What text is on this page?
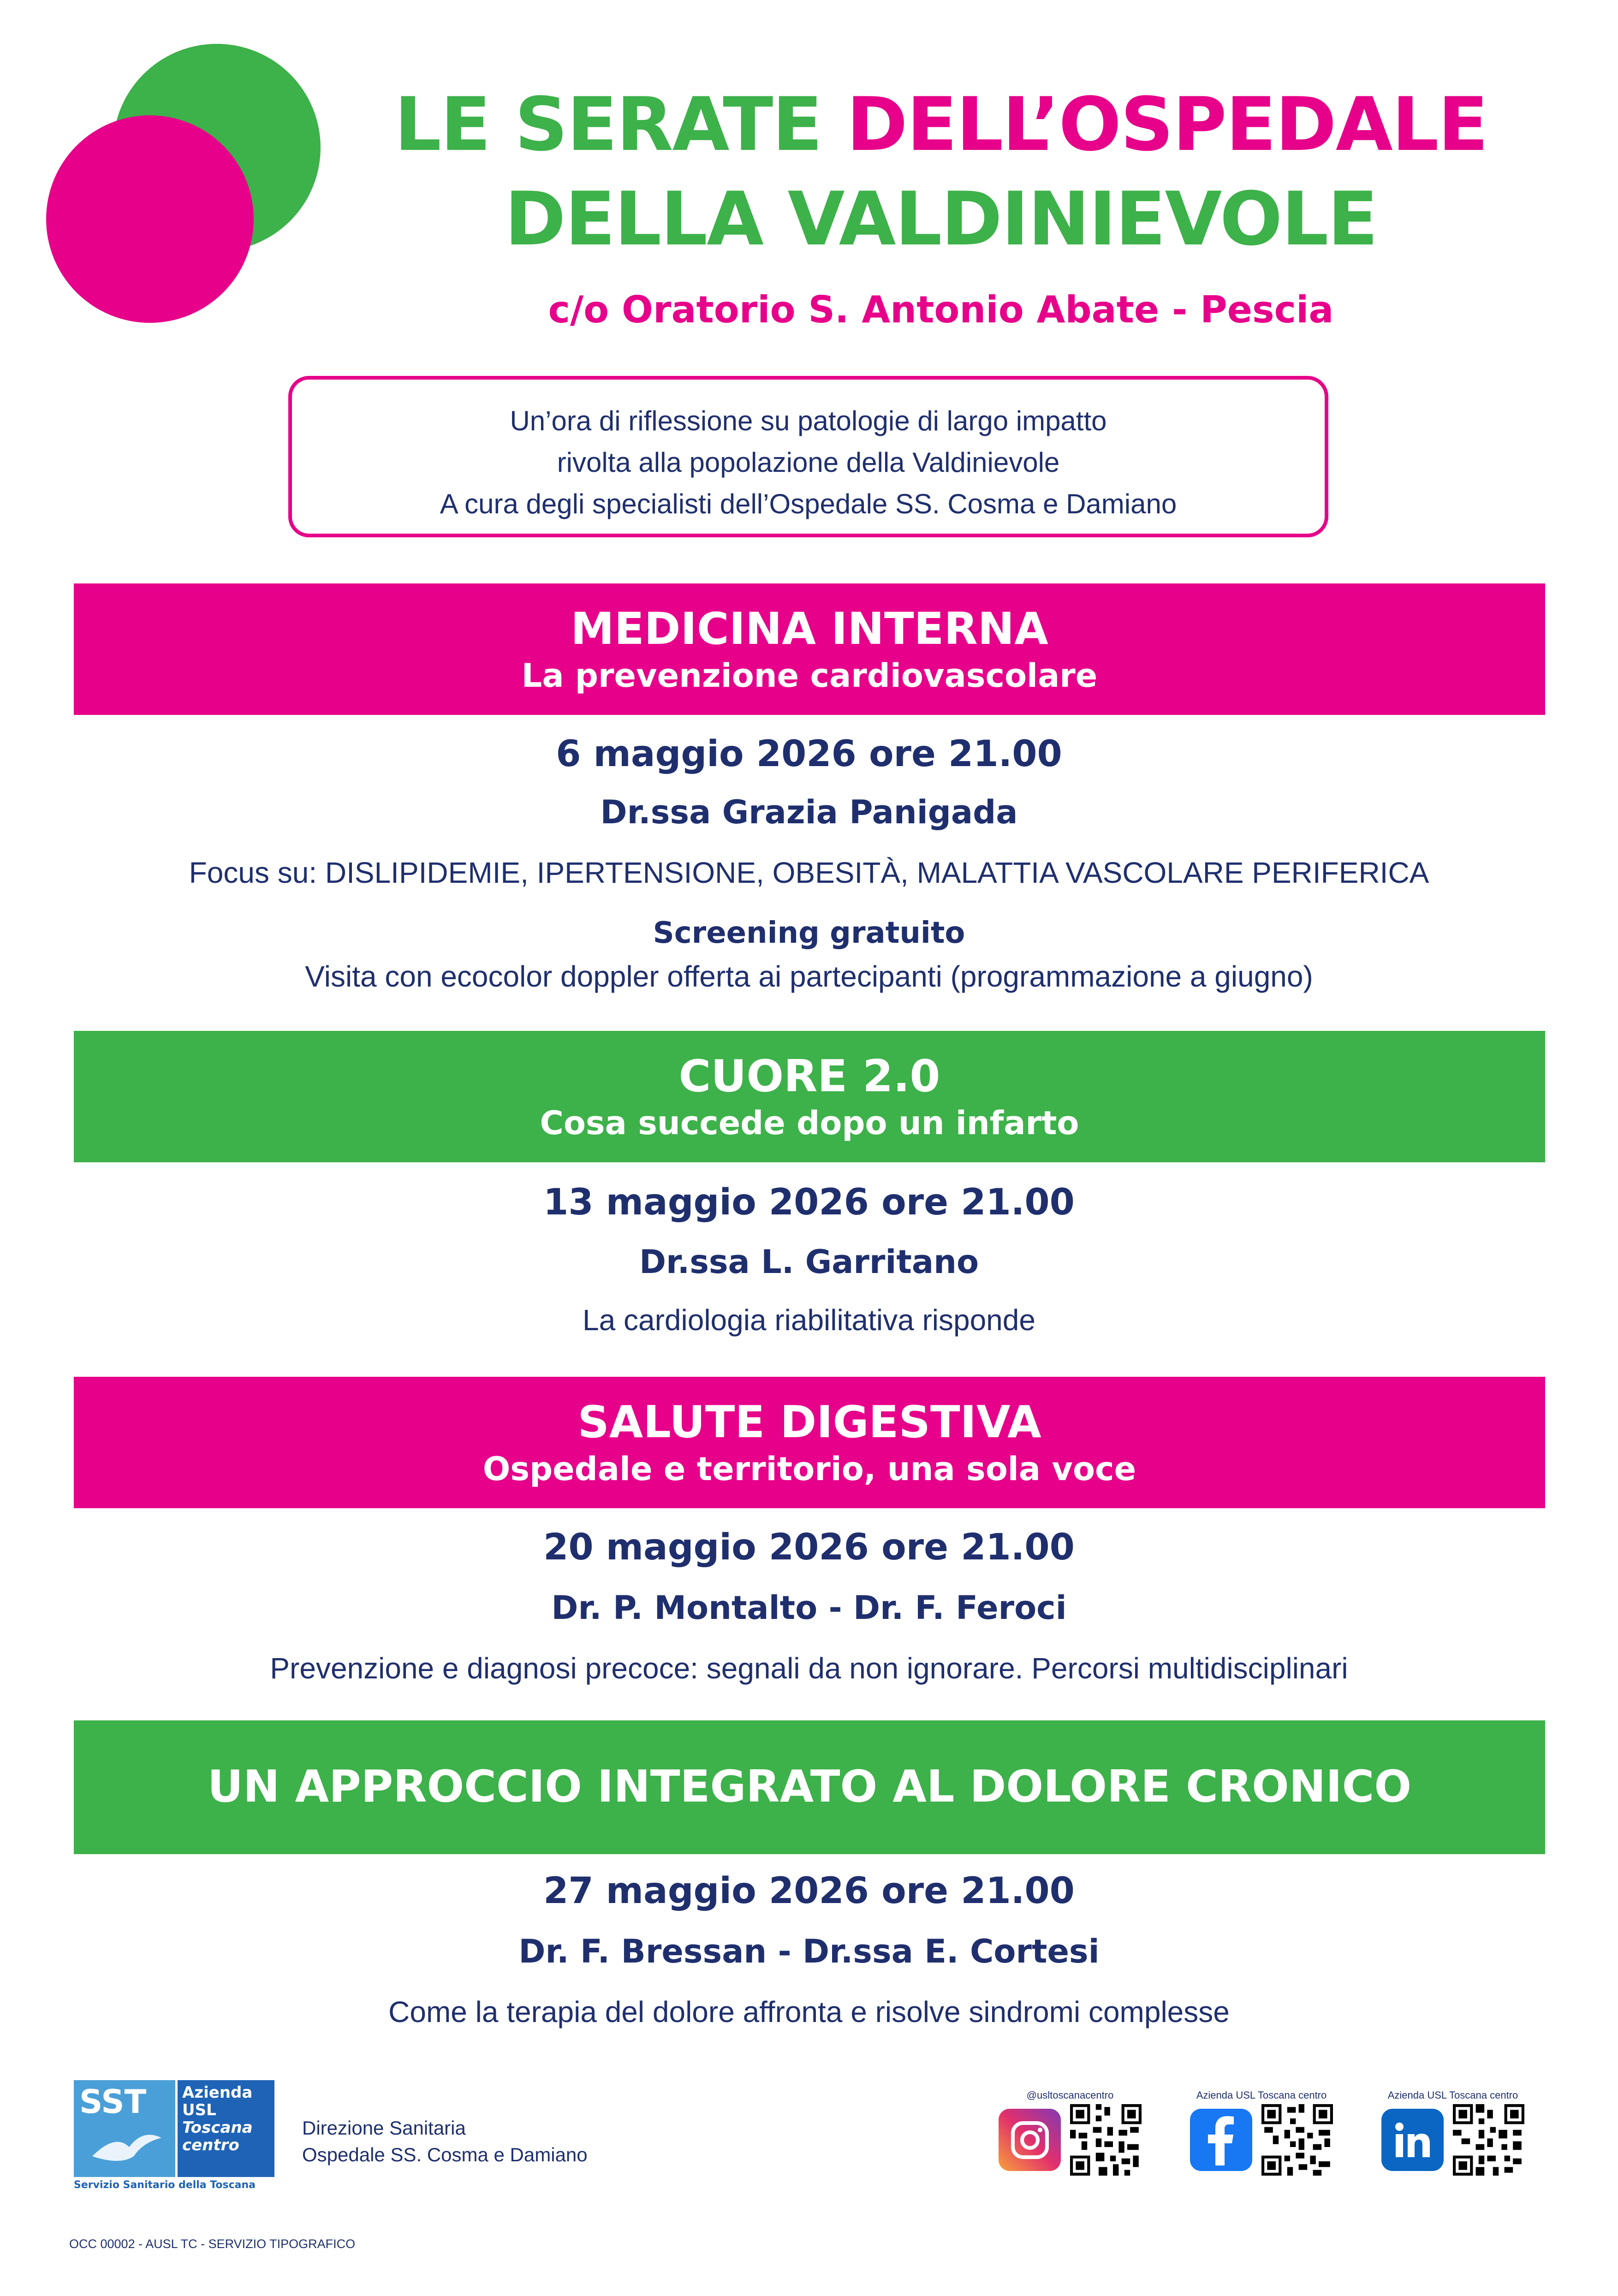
LE SERATE DELL’OSPEDALE
DELLA VALDINIEVOLE
c/o Oratorio S. Antonio Abate - Pescia
Un’ora di riflessione su patologie di largo impatto
rivolta alla popolazione della Valdinievole
A cura degli specialisti dell’Ospedale SS. Cosma e Damiano
MEDICINA INTERNA
La prevenzione cardiovascolare
6 maggio 2026 ore 21.00
Dr.ssa Grazia Panigada
Focus su: DISLIPIDEMIE, IPERTENSIONE, OBESITÀ, MALATTIA VASCOLARE PERIFERICA
Screening gratuito
Visita con ecocolor doppler offerta ai partecipanti (programmazione a giugno)
CUORE 2.0
Cosa succede dopo un infarto
13 maggio 2026 ore 21.00
Dr.ssa L. Garritano
La cardiologia riabilitativa risponde
SALUTE DIGESTIVA
Ospedale e territorio, una sola voce
20 maggio 2026 ore 21.00
Dr. P. Montalto - Dr. F. Feroci
Prevenzione e diagnosi precoce: segnali da non ignorare. Percorsi multidisciplinari
UN APPROCCIO INTEGRATO AL DOLORE CRONICO
27 maggio 2026 ore 21.00
Dr. F. Bressan - Dr.ssa E. Cortesi
Come la terapia del dolore affronta e risolve sindromi complesse
SST Azienda
USL
Toscana
centro
Servizio Sanitario della Toscana
Direzione Sanitaria
Ospedale SS. Cosma e Damiano
OCC 00002 - AUSL TC - SERVIZIO TIPOGRAFICO
@usltoscanacentro	Azienda USL Toscana centro	Azienda USL Toscana centro
